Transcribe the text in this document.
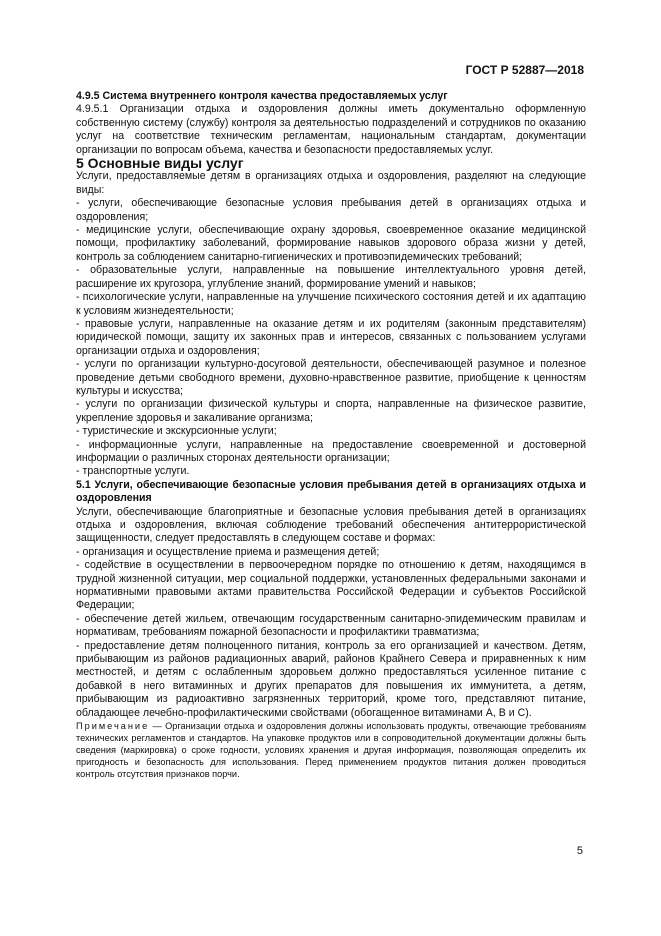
ГОСТ Р 52887—2018

4.9.5 Система внутреннего контроля качества предоставляемых услуг

4.9.5.1 Организации отдыха и оздоровления должны иметь документально оформленную собственную систему (службу) контроля за деятельностью подразделений и сотрудников по оказанию услуг на соответствие техническим регламентам, национальным стандартам, документации организации по вопросам объема, качества и безопасности предоставляемых услуг.

5 Основные виды услуг

Услуги, предоставляемые детям в организациях отдыха и оздоровления, разделяют на следующие виды:

- услуги, обеспечивающие безопасные условия пребывания детей в организациях отдыха и оздоровления;

- медицинские услуги, обеспечивающие охрану здоровья, своевременное оказание медицинской помощи, профилактику заболеваний, формирование навыков здорового образа жизни у детей, контроль за соблюдением санитарно-гигиенических и противоэпидемических требований;

- образовательные услуги, направленные на повышение интеллектуального уровня детей, расширение их кругозора, углубление знаний, формирование умений и навыков;

- психологические услуги, направленные на улучшение психического состояния детей и их адаптацию к условиям жизнедеятельности;

- правовые услуги, направленные на оказание детям и их родителям (законным представителям) юридической помощи, защиту их законных прав и интересов, связанных с пользованием услугами организации отдыха и оздоровления;

- услуги по организации культурно-досуговой деятельности, обеспечивающей разумное и полезное проведение детьми свободного времени, духовно-нравственное развитие, приобщение к ценностям культуры и искусства;

- услуги по организации физической культуры и спорта, направленные на физическое развитие, укрепление здоровья и закаливание организма;

- туристические и экскурсионные услуги;

- информационные услуги, направленные на предоставление своевременной и достоверной информации о различных сторонах деятельности организации;

- транспортные услуги.

5.1 Услуги, обеспечивающие безопасные условия пребывания детей в организациях отдыха и оздоровления

Услуги, обеспечивающие благоприятные и безопасные условия пребывания детей в организациях отдыха и оздоровления, включая соблюдение требований обеспечения антитеррористической защищенности, следует предоставлять в следующем составе и формах:

- организация и осуществление приема и размещения детей;

- содействие в осуществлении в первоочередном порядке по отношению к детям, находящимся в трудной жизненной ситуации, мер социальной поддержки, установленных федеральными законами и нормативными правовыми актами правительства Российской Федерации и субъектов Российской Федерации;

- обеспечение детей жильем, отвечающим государственным санитарно-эпидемическим правилам и нормативам, требованиям пожарной безопасности и профилактики травматизма;

- предоставление детям полноценного питания, контроль за его организацией и качеством. Детям, прибывающим из районов радиационных аварий, районов Крайнего Севера и приравненных к ним местностей, и детям с ослабленным здоровьем должно предоставляться усиленное питание с добавкой в него витаминных и других препаратов для повышения их иммунитета, а детям, прибывающим из радиоактивно загрязненных территорий, кроме того, представляют питание, обладающее лечебно-профилактическими свойствами (обогащенное витаминами А, В и С).

Примечание — Организации отдыха и оздоровления должны использовать продукты, отвечающие требованиям технических регламентов и стандартов. На упаковке продуктов или в сопроводительной документации должны быть сведения (маркировка) о сроке годности, условиях хранения и другая информация, позволяющая определить их пригодность и безопасность для использования. Перед применением продуктов питания должен проводиться контроль отсутствия признаков порчи.

5
